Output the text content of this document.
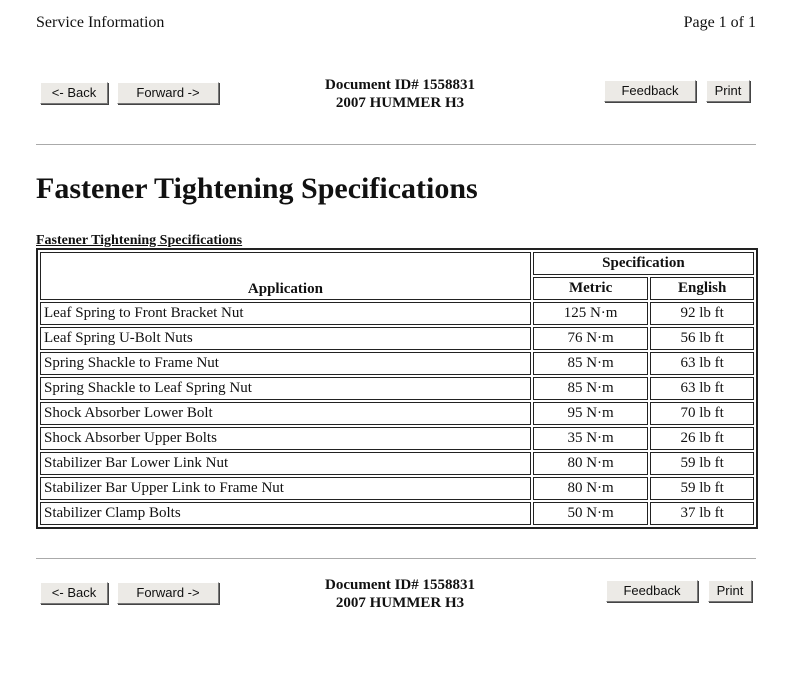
Service Information	Page 1 of 1
<- Back	Forward ->	Document ID# 1558831
2007 HUMMER H3
Feedback	Print
Fastener Tightening Specifications
Fastener Tightening Specifications
Application	Specification	
	Metric	English
Leaf Spring to Front Bracket Nut	125 N·m	92 lb ft
Leaf Spring U-Bolt Nuts	76 N·m	56 lb ft
Spring Shackle to Frame Nut	85 N·m	63 lb ft
Spring Shackle to Leaf Spring Nut	85 N·m	63 lb ft
Shock Absorber Lower Bolt	95 N·m	70 lb ft
Shock Absorber Upper Bolts	35 N·m	26 lb ft
Stabilizer Bar Lower Link Nut	80 N·m	59 lb ft
Stabilizer Bar Upper Link to Frame Nut	80 N·m	59 lb ft
Stabilizer Clamp Bolts	50 N·m	37 lb ft
<- Back	Forward ->	Document ID# 1558831
2007 HUMMER H3
Feedback	Print
